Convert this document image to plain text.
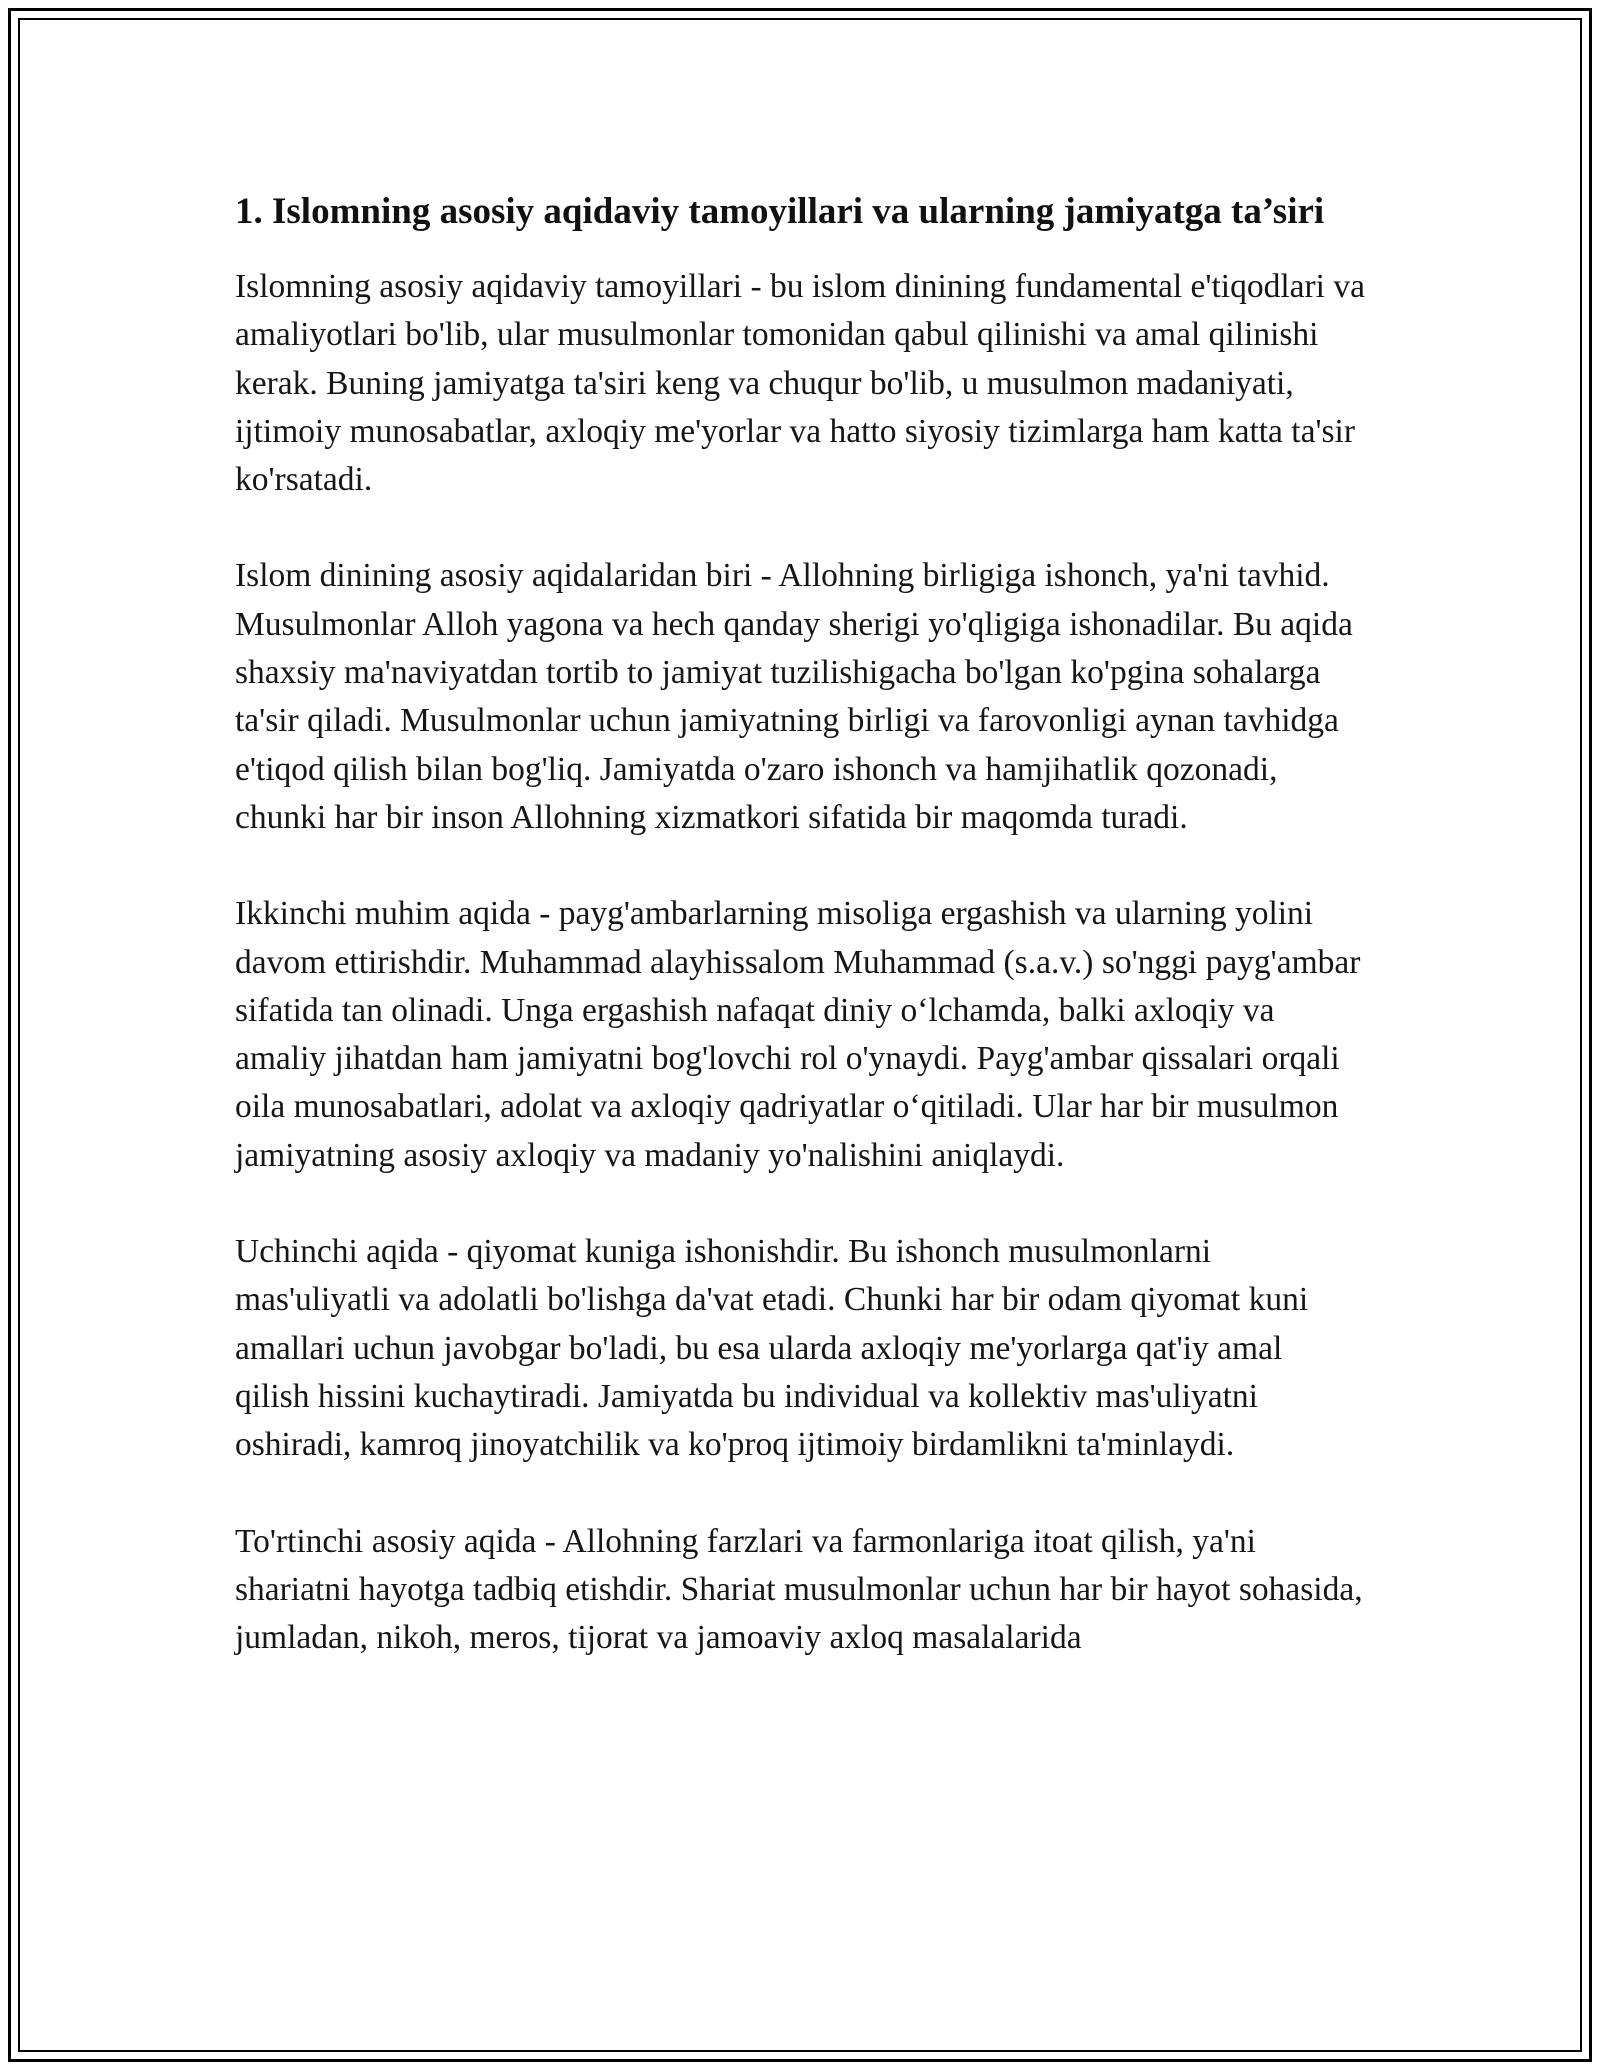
1. Islomning asosiy aqidaviy tamoyillari va ularning jamiyatga ta’siri

Islomning asosiy aqidaviy tamoyillari - bu islom dinining fundamental e'tiqodlari va amaliyotlari bo'lib, ular musulmonlar tomonidan qabul qilinishi va amal qilinishi kerak. Buning jamiyatga ta'siri keng va chuqur bo'lib, u musulmon madaniyati, ijtimoiy munosabatlar, axloqiy me'yorlar va hatto siyosiy tizimlarga ham katta ta'sir ko'rsatadi.

Islom dinining asosiy aqidalaridan biri - Allohning birligiga ishonch, ya'ni tavhid. Musulmonlar Alloh yagona va hech qanday sherigi yo'qligiga ishonadilar. Bu aqida shaxsiy ma'naviyatdan tortib to jamiyat tuzilishigacha bo'lgan ko'pgina sohalarga ta'sir qiladi. Musulmonlar uchun jamiyatning birligi va farovonligi aynan tavhidga e'tiqod qilish bilan bog'liq. Jamiyatda o'zaro ishonch va hamjihatlik qozonadi, chunki har bir inson Allohning xizmatkori sifatida bir maqomda turadi.

Ikkinchi muhim aqida - payg'ambarlarning misoliga ergashish va ularning yolini davom ettirishdir. Muhammad alayhissalom Muhammad (s.a.v.) so'nggi payg'ambar sifatida tan olinadi. Unga ergashish nafaqat diniy o‘lchamda, balki axloqiy va amaliy jihatdan ham jamiyatni bog'lovchi rol o'ynaydi. Payg'ambar qissalari orqali oila munosabatlari, adolat va axloqiy qadriyatlar o‘qitiladi. Ular har bir musulmon jamiyatning asosiy axloqiy va madaniy yo'nalishini aniqlaydi.

Uchinchi aqida - qiyomat kuniga ishonishdir. Bu ishonch musulmonlarni mas'uliyatli va adolatli bo'lishga da'vat etadi. Chunki har bir odam qiyomat kuni amallari uchun javobgar bo'ladi, bu esa ularda axloqiy me'yorlarga qat'iy amal qilish hissini kuchaytiradi. Jamiyatda bu individual va kollektiv mas'uliyatni oshiradi, kamroq jinoyatchilik va ko'proq ijtimoiy birdamlikni ta'minlaydi.

To'rtinchi asosiy aqida - Allohning farzlari va farmonlariga itoat qilish, ya'ni shariatni hayotga tadbiq etishdir. Shariat musulmonlar uchun har bir hayot sohasida, jumladan, nikoh, meros, tijorat va jamoaviy axloq masalalarida
